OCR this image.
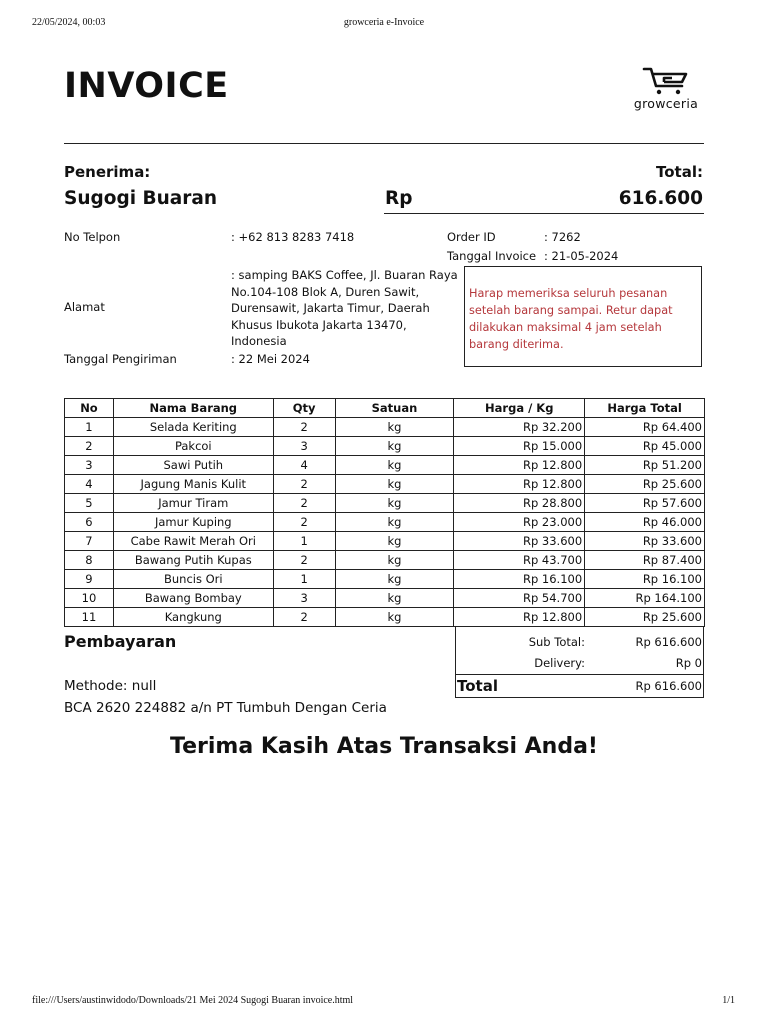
22/05/2024, 00:03	growceria e-Invoice
INVOICE	growceria
Penerima:	Total:
Sugogi Buaran	Rp	616.600
No Telpon	: +62 813 8283 7418	Order ID	: 7262
Tanggal Invoice : 21-05-2024
Alamat
: samping BAKS Coffee, Jl. Buaran Raya
No.104-108 Blok A, Duren Sawit,
Durensawit, Jakarta Timur, Daerah
Khusus Ibukota Jakarta 13470,
Indonesia
Tanggal Pengiriman	: 22 Mei 2024
Harap memeriksa seluruh pesanan
setelah barang sampai. Retur dapat
dilakukan maksimal 4 jam setelah
barang diterima.
No	Nama Barang	Qty	Satuan	Harga / Kg	Harga Total
1	Selada Keriting	2	kg	Rp 32.200	Rp 64.400
2	Pakcoi	3	kg	Rp 15.000	Rp 45.000
3	Sawi Putih	4	kg	Rp 12.800	Rp 51.200
4	Jagung Manis Kulit	2	kg	Rp 12.800	Rp 25.600
5	Jamur Tiram	2	kg	Rp 28.800	Rp 57.600
6	Jamur Kuping	2	kg	Rp 23.000	Rp 46.000
7	Cabe Rawit Merah Ori	1	kg	Rp 33.600	Rp 33.600
8	Bawang Putih Kupas	2	kg	Rp 43.700	Rp 87.400
9	Buncis Ori	1	kg	Rp 16.100	Rp 16.100
10	Bawang Bombay	3	kg	Rp 54.700	Rp 164.100
11	Kangkung	2	kg	Rp 12.800	Rp 25.600
Pembayaran
Methode: null
BCA 2620 224882 a/n PT Tumbuh Dengan Ceria
Sub Total:	Rp 616.600
Delivery:	Rp 0
Total	Rp 616.600
Terima Kasih Atas Transaksi Anda!
file:///Users/austinwidodo/Downloads/21 Mei 2024 Sugogi Buaran invoice.html	1/1
